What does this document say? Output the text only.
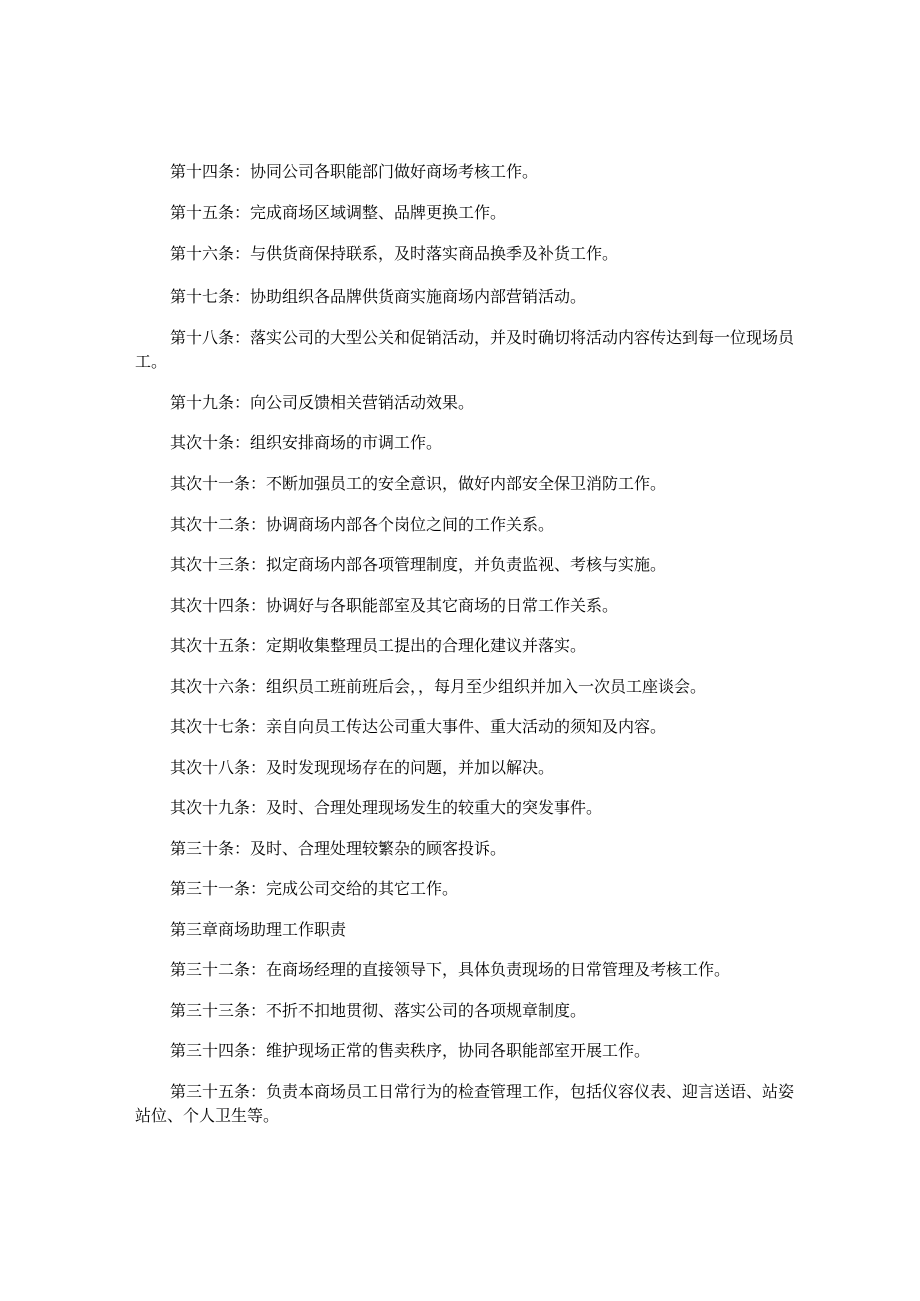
第十四条：协同公司各职能部门做好商场考核工作。

第十五条：完成商场区域调整、品牌更换工作。

第十六条：与供货商保持联系，及时落实商品换季及补货工作。

第十七条：协助组织各品牌供货商实施商场内部营销活动。

第十八条：落实公司的大型公关和促销活动，并及时确切将活动内容传达到每一位现场员工。

第十九条：向公司反馈相关营销活动效果。

其次十条：组织安排商场的市调工作。

其次十一条：不断加强员工的安全意识，做好内部安全保卫消防工作。

其次十二条：协调商场内部各个岗位之间的工作关系。

其次十三条：拟定商场内部各项管理制度，并负责监视、考核与实施。

其次十四条：协调好与各职能部室及其它商场的日常工作关系。

其次十五条：定期收集整理员工提出的合理化建议并落实。

其次十六条：组织员工班前班后会，，每月至少组织并加入一次员工座谈会。

其次十七条：亲自向员工传达公司重大事件、重大活动的须知及内容。

其次十八条：及时发现现场存在的问题，并加以解决。

其次十九条：及时、合理处理现场发生的较重大的突发事件。

第三十条：及时、合理处理较繁杂的顾客投诉。

第三十一条：完成公司交给的其它工作。

第三章商场助理工作职责

第三十二条：在商场经理的直接领导下，具体负责现场的日常管理及考核工作。

第三十三条：不折不扣地贯彻、落实公司的各项规章制度。

第三十四条：维护现场正常的售卖秩序，协同各职能部室开展工作。

第三十五条：负责本商场员工日常行为的检查管理工作，包括仪容仪表、迎言送语、站姿站位、个人卫生等。
